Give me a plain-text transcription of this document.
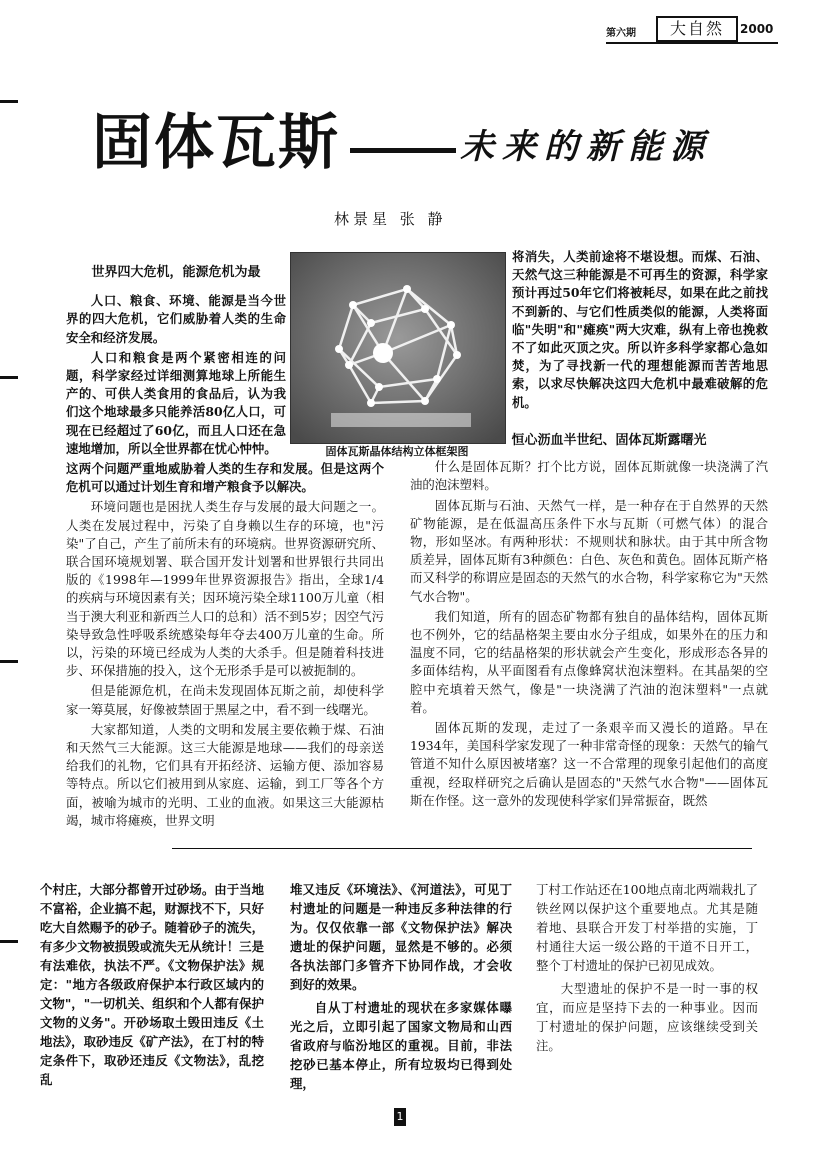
第六期	大自然	2000
固体瓦斯	未来的新能源
林景星 张 静
固体瓦斯晶体结构立体框架图
世界四大危机，能源危机为最

人口、粮食、环境、能源是当今世界的四大危机，它们威胁着人类的生命安全和经济发展。

人口和粮食是两个紧密相连的问题，科学家经过详细测算地球上所能生产的、可供人类食用的食品后，认为我们这个地球最多只能养活80亿人口，可现在已经超过了60亿，而且人口还在急速地增加，所以全世界都在忧心忡忡。

这两个问题严重地威胁着人类的生存和发展。但是这两个危机可以通过计划生育和增产粮食予以解决。

环境问题也是困扰人类生存与发展的最大问题之一。人类在发展过程中，污染了自身赖以生存的环境，也"污染"了自己，产生了前所未有的环境病。世界资源研究所、联合国环境规划署、联合国开发计划署和世界银行共同出版的《1998年—1999年世界资源报告》指出，全球1/4的疾病与环境因素有关；因环境污染全球1100万儿童（相当于澳大利亚和新西兰人口的总和）活不到5岁；因空气污染导致急性呼吸系统感染每年夺去400万儿童的生命。所以，污染的环境已经成为人类的大杀手。但是随着科技进步、环保措施的投入，这个无形杀手是可以被扼制的。

但是能源危机，在尚未发现固体瓦斯之前，却使科学家一筹莫展，好像被禁固于黑屋之中，看不到一线曙光。

大家都知道，人类的文明和发展主要依赖于煤、石油和天然气三大能源。这三大能源是地球——我们的母亲送给我们的礼物，它们具有开拓经济、运输方便、添加容易等特点。所以它们被用到从家庭、运输，到工厂等各个方面，被喻为城市的光明、工业的血液。如果这三大能源枯竭，城市将瘫痪，世界文明

将消失，人类前途将不堪设想。而煤、石油、天然气这三种能源是不可再生的资源，科学家预计再过50年它们将被耗尽，如果在此之前找不到新的、与它们性质类似的能源，人类将面临"失明"和"瘫痪"两大灾难，纵有上帝也挽救不了如此灭顶之灾。所以许多科学家都心急如焚，为了寻找新一代的理想能源而苦苦地思索，以求尽快解决这四大危机中最难破解的危机。

恒心沥血半世纪、固体瓦斯露曙光

什么是固体瓦斯？打个比方说，固体瓦斯就像一块浇满了汽油的泡沫塑料。

固体瓦斯与石油、天然气一样，是一种存在于自然界的天然矿物能源，是在低温高压条件下水与瓦斯（可燃气体）的混合物，形如坚冰。有两种形状：不规则状和脉状。由于其中所含物质差异，固体瓦斯有3种颜色：白色、灰色和黄色。固体瓦斯产格而又科学的称谓应是固态的天然气的水合物，科学家称它为"天然气水合物"。

我们知道，所有的固态矿物都有独自的晶体结构，固体瓦斯也不例外，它的结晶格架主要由水分子组成，如果外在的压力和温度不同，它的结晶格架的形状就会产生变化，形成形态各异的多面体结构，从平面图看有点像蜂窝状泡沫塑料。在其晶架的空腔中充填着天然气，像是"一块浇满了汽油的泡沫塑料"一点就着。

固体瓦斯的发现，走过了一条艰辛而又漫长的道路。早在1934年，美国科学家发现了一种非常奇怪的现象：天然气的输气管道不知什么原因被堵塞？这一不合常理的现象引起他们的高度重视，经取样研究之后确认是固态的"天然气水合物"——固体瓦斯在作怪。这一意外的发现使科学家们异常振奋，既然

个村庄，大部分都曾开过砂场。由于当地不富裕，企业搞不起，财源找不下，只好吃大自然赐予的砂子。随着砂子的流失，有多少文物被损毁或流失无从统计！三是有法难依，执法不严。《文物保护法》规定："地方各级政府保护本行政区域内的文物"，"一切机关、组织和个人都有保护文物的义务"。开砂场取土毁田违反《土地法》，取砂违反《矿产法》，在丁村的特定条件下，取砂还违反《文物法》，乱挖乱

堆又违反《环境法》、《河道法》，可见丁村遗址的问题是一种违反多种法律的行为。仅仅依靠一部《文物保护法》解决遗址的保护问题，显然是不够的。必须各执法部门多管齐下协同作战，才会收到好的效果。

自从丁村遗址的现状在多家媒体曝光之后，立即引起了国家文物局和山西省政府与临汾地区的重视。目前，非法挖砂已基本停止，所有垃圾均已得到处理，

丁村工作站还在100地点南北两端栽扎了铁丝网以保护这个重要地点。尤其是随着地、县联合开发丁村举措的实施，丁村通往大运一级公路的干道不日开工，整个丁村遗址的保护已初见成效。

大型遗址的保护不是一时一事的权宜，而应是坚持下去的一种事业。因而丁村遗址的保护问题，应该继续受到关注。

1
